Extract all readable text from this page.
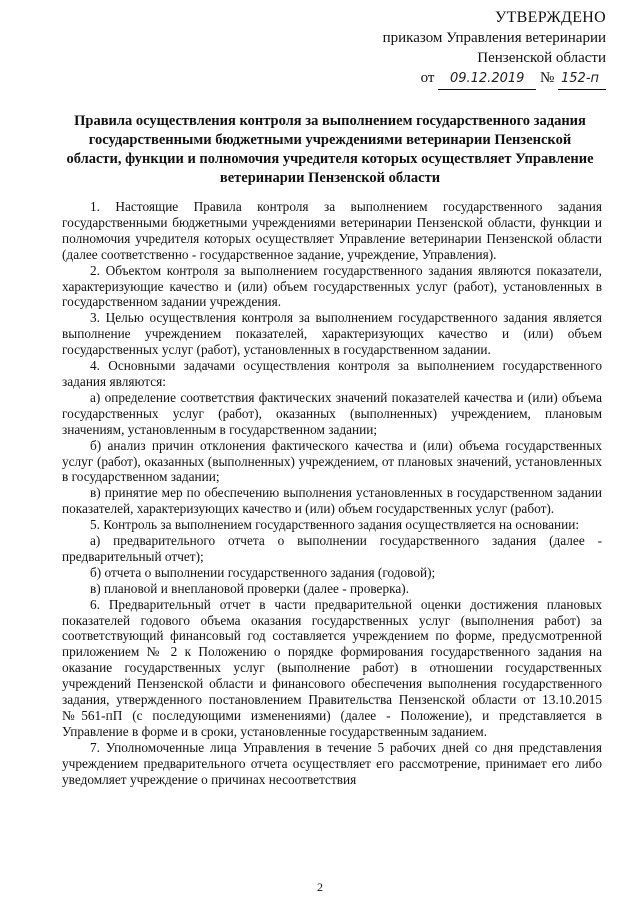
УТВЕРЖДЕНО
приказом Управления ветеринарии
Пензенской области
от 09.12.2019 № 152-п
Правила осуществления контроля за выполнением государственного задания государственными бюджетными учреждениями ветеринарии Пензенской области, функции и полномочия учредителя которых осуществляет Управление ветеринарии Пензенской области

1. Настоящие Правила контроля за выполнением государственного задания государственными бюджетными учреждениями ветеринарии Пензенской области, функции и полномочия учредителя которых осуществляет Управление ветеринарии Пензенской области (далее соответственно - государственное задание, учреждение, Управления).

2. Объектом контроля за выполнением государственного задания являются показатели, характеризующие качество и (или) объем государственных услуг (работ), установленных в государственном задании учреждения.

3. Целью осуществления контроля за выполнением государственного задания является выполнение учреждением показателей, характеризующих качество и (или) объем государственных услуг (работ), установленных в государственном задании.

4. Основными задачами осуществления контроля за выполнением государственного задания являются:

а) определение соответствия фактических значений показателей качества и (или) объема государственных услуг (работ), оказанных (выполненных) учреждением, плановым значениям, установленным в государственном задании;

б) анализ причин отклонения фактического качества и (или) объема государственных услуг (работ), оказанных (выполненных) учреждением, от плановых значений, установленных в государственном задании;

в) принятие мер по обеспечению выполнения установленных в государственном задании показателей, характеризующих качество и (или) объем государственных услуг (работ).

5. Контроль за выполнением государственного задания осуществляется на основании:

а) предварительного отчета о выполнении государственного задания (далее - предварительный отчет);

б) отчета о выполнении государственного задания (годовой);

в) плановой и внеплановой проверки (далее - проверка).

6. Предварительный отчет в части предварительной оценки достижения плановых показателей годового объема оказания государственных услуг (выполнения работ) за соответствующий финансовый год составляется учреждением по форме, предусмотренной приложением № 2 к Положению о порядке формирования государственного задания на оказание государственных услуг (выполнение работ) в отношении государственных учреждений Пензенской области и финансового обеспечения выполнения государственного задания, утвержденного постановлением Правительства Пензенской области от 13.10.2015 №561-пП (с последующими изменениями) (далее - Положение), и представляется в Управление в форме и в сроки, установленные государственным заданием.

7. Уполномоченные лица Управления в течение 5 рабочих дней со дня представления учреждением предварительного отчета осуществляет его рассмотрение, принимает его либо уведомляет учреждение о причинах несоответствия

2
